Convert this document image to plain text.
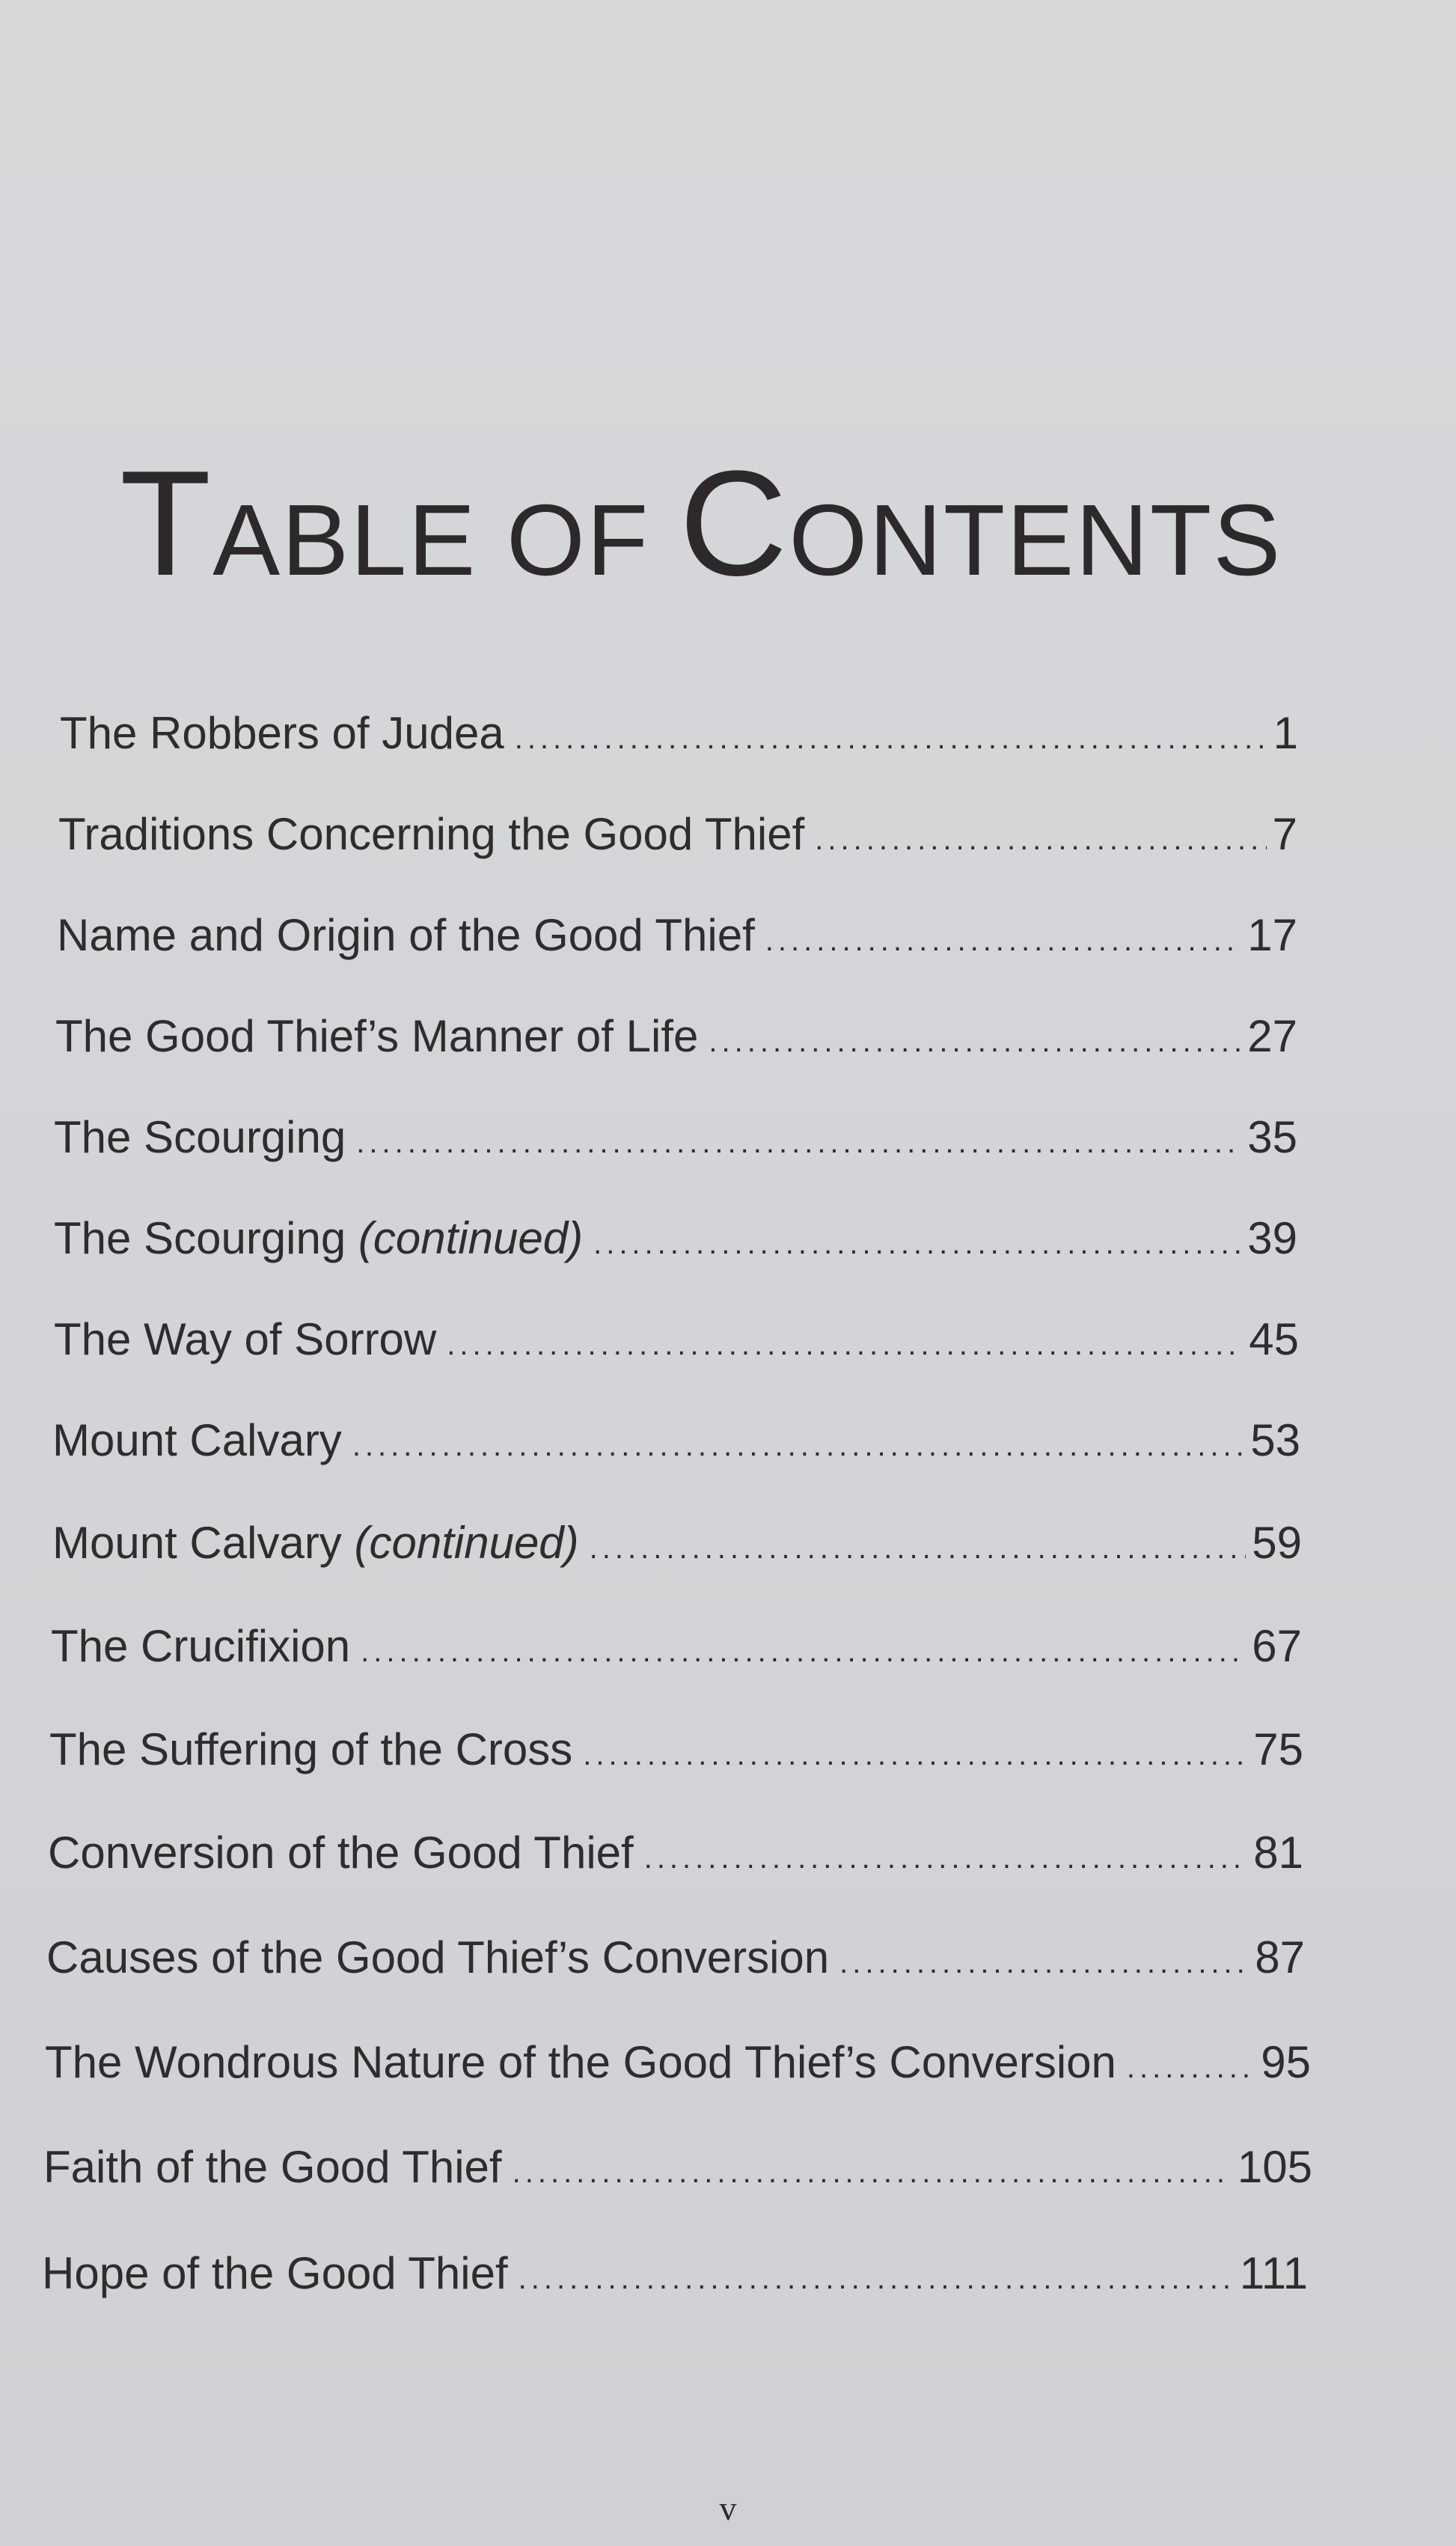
TABLE OF CONTENTS
The Robbers of Judea .....	1
Traditions Concerning the Good Thief .....	7
Name and Origin of the Good Thief .....	17
The Good Thief’s Manner of Life .....	27
The Scourging .....	35
The Scourging (continued) .....	39
The Way of Sorrow .....	45
Mount Calvary .....	53
Mount Calvary (continued) .....	59
The Crucifixion .....	67
The Suffering of the Cross .....	75
Conversion of the Good Thief .....	81
Causes of the Good Thief’s Conversion .....	87
The Wondrous Nature of the Good Thief’s Conversion .....	95
Faith of the Good Thief .....	105
Hope of the Good Thief .....	111
v
